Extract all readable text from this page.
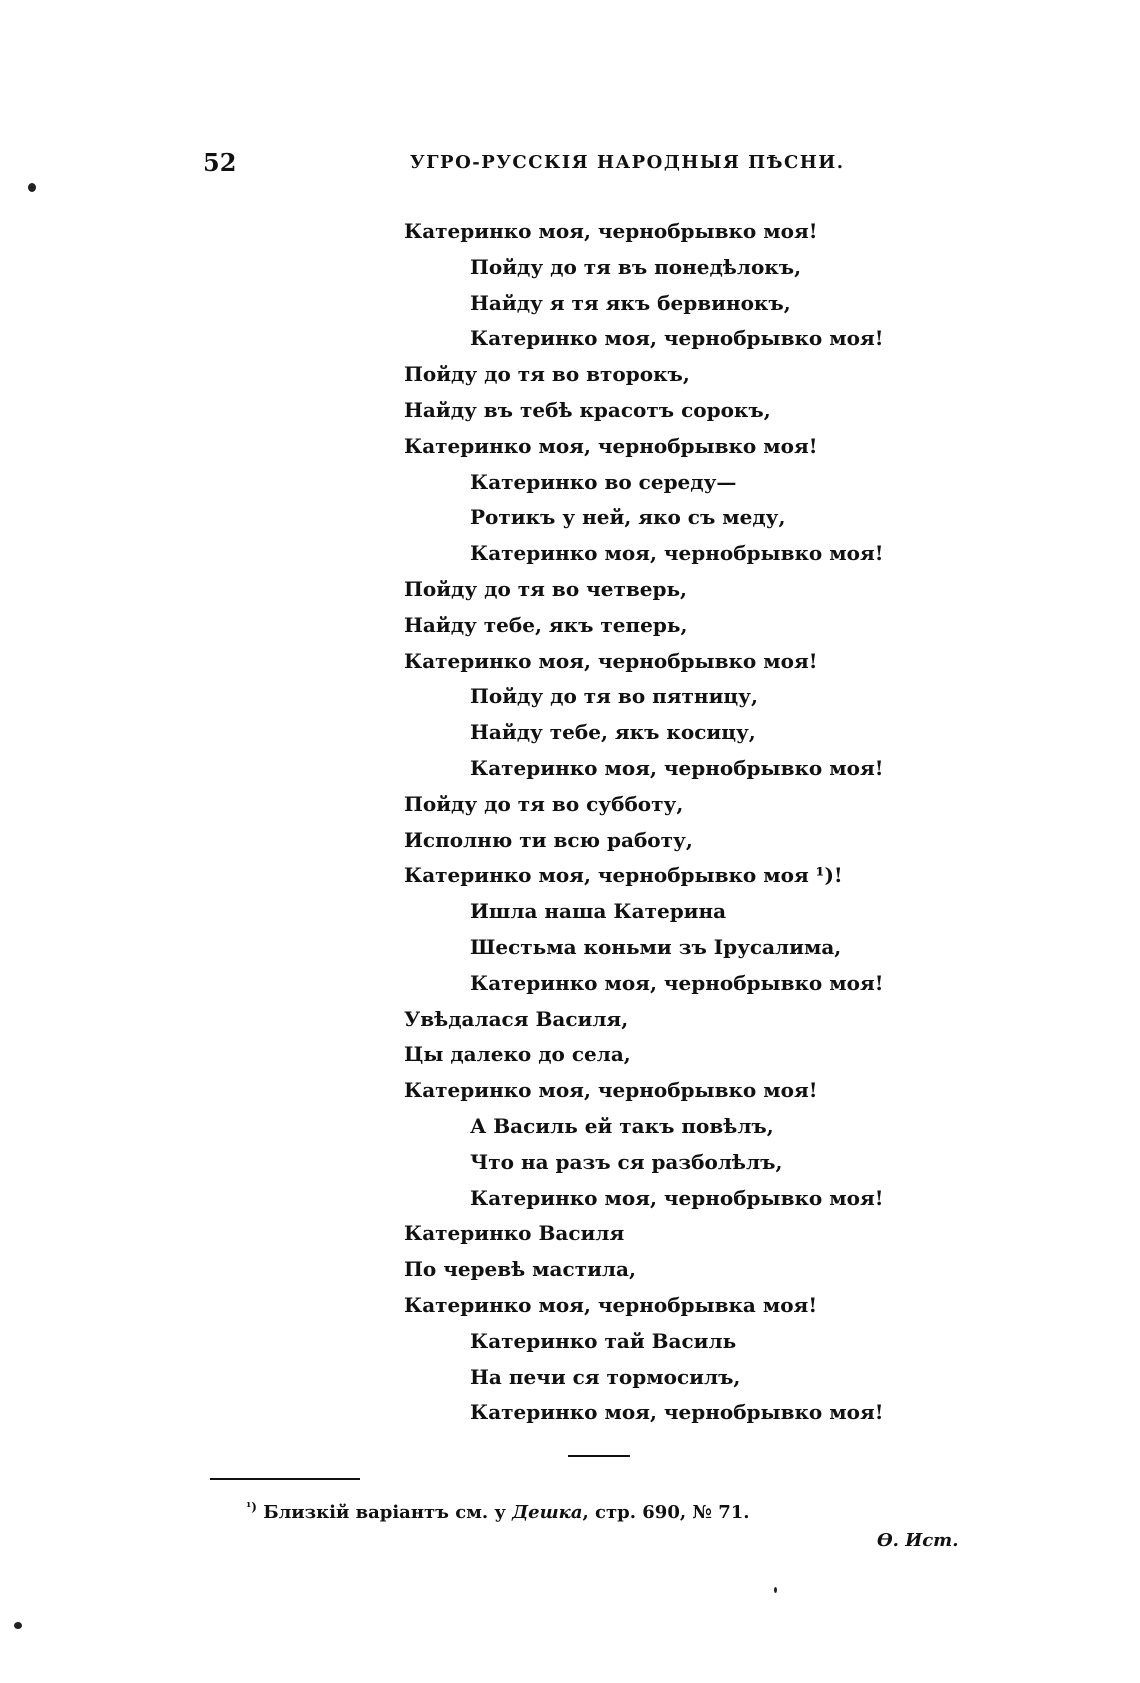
52	УГРО-РУССКІЯ НАРОДНЫЯ ПѢСНИ.
Катеринко моя, чернобрывко моя!
Пойду до тя въ понедѣлокъ,
Найду я тя якъ бервинокъ,
Катеринко моя, чернобрывко моя!
Пойду до тя во второкъ,
Найду въ тебѣ красотъ сорокъ,
Катеринко моя, чернобрывко моя!
Катеринко во середу—
Ротикъ у ней, яко съ меду,
Катеринко моя, чернобрывко моя!
Пойду до тя во четверь,
Найду тебе, якъ теперь,
Катеринко моя, чернобрывко моя!
Пойду до тя во пятницу,
Найду тебе, якъ косицу,
Катеринко моя, чернобрывко моя!
Пойду до тя во субботу,
Исполню ти всю работу,
Катеринко моя, чернобрывко моя ¹)!
Ишла наша Катерина
Шестьма коньми зъ Ірусалима,
Катеринко моя, чернобрывко моя!
Увѣдалася Василя,
Цы далеко до села,
Катеринко моя, чернобрывко моя!
А Василь ей такъ повѣлъ,
Что на разъ ся разболѣлъ,
Катеринко моя, чернобрывко моя!
Катеринко Василя
По черевѣ мастила,
Катеринко моя, чернобрывка моя!
Катеринко тай Василь
На печи ся тормосилъ,
Катеринко моя, чернобрывко моя!
$^{^1)}$ Близкій варіантъ см. у Дешка, стр. 690, № 71.
Ѳ. Ист.
